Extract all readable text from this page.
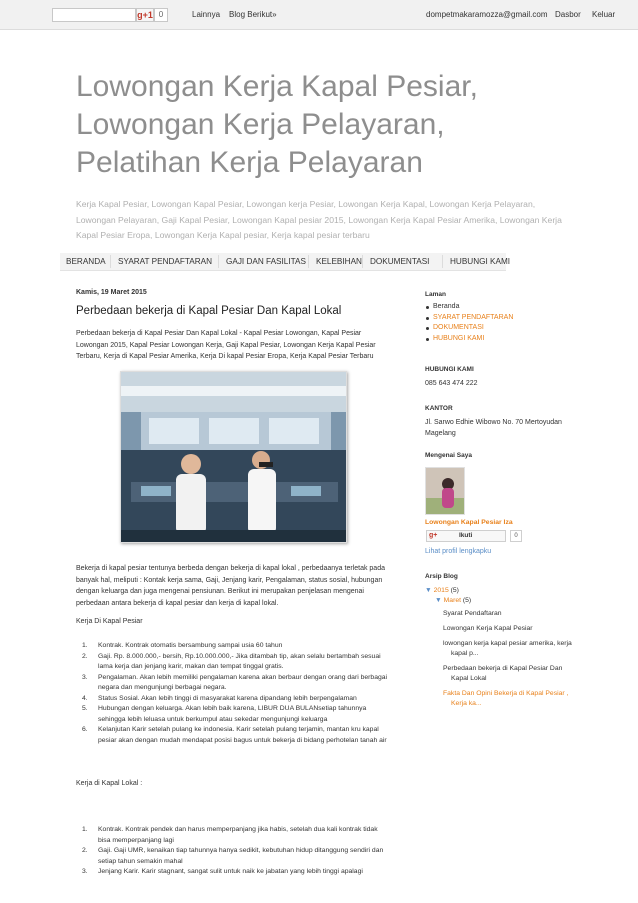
g+1 0	Lainnya Blog Berikut»	dompetmakaramozza@gmail.com Dasbor Keluar
Lowongan Kerja Kapal Pesiar, Lowongan Kerja Pelayaran, Pelatihan Kerja Pelayaran
Kerja Kapal Pesiar, Lowongan Kapal Pesiar, Lowongan kerja Pesiar, Lowongan Kerja Kapal, Lowongan Kerja Pelayaran, Lowongan Pelayaran, Gaji Kapal Pesiar, Lowongan Kapal pesiar 2015, Lowongan Kerja Kapal Pesiar Amerika, Lowongan Kerja Kapal Pesiar Eropa, Lowongan Kerja Kapal pesiar, Kerja kapal pesiar terbaru
BERANDA SYARAT PENDAFTARAN GAJI DAN FASILITAS KELEBIHAN DOKUMENTASI	HUBUNGI KAMI
Kamis, 19 Maret 2015
Perbedaan bekerja di Kapal Pesiar Dan Kapal Lokal
Perbedaan bekerja di Kapal Pesiar Dan Kapal Lokal - Kapal Pesiar Lowongan, Kapal Pesiar Lowongan 2015, Kapal Pesiar Lowongan Kerja, Gaji Kapal Pesiar, Lowongan Kerja Kapal Pesiar Terbaru, Kerja di Kapal Pesiar Amerika, Kerja Di kapal Pesiar Eropa, Kerja Kapal Pesiar Terbaru
Bekerja di kapal pesiar tentunya berbeda dengan bekerja di kapal lokal , perbedaanya terletak pada banyak hal, meliputi : Kontak kerja sama, Gaji, Jenjang karir, Pengalaman, status sosial, hubungan dengan keluarga dan juga mengenai pensiunan. Berikut ini merupakan penjelasan mengenai perbedaan antara bekerja di kapal pesiar dan kerja di kapal lokal.
Kerja Di Kapal Pesiar
1. Kontrak. Kontrak otomatis bersambung sampai usia 60 tahun
2. Gaji. Rp. 8.000.000,- bersih, Rp.10.000.000,- Jika ditambah tip, akan selalu bertambah sesuai lama kerja dan jenjang karir, makan dan tempat tinggal gratis.
3. Pengalaman. Akan lebih memiliki pengalaman karena akan berbaur dengan orang dari berbagai negara dan mengunjungi berbagai negara.
4. Status Sosial. Akan lebih tinggi di masyarakat karena dipandang lebih berpengalaman
5. Hubungan dengan keluarga. Akan lebih baik karena, LIBUR DUA BULANsetiap tahunnya sehingga lebih leluasa untuk berkumpul atau sekedar mengunjungi keluarga
6. Kelanjutan Karir setelah pulang ke indonesia. Karir setelah pulang terjamin, mantan kru kapal pesiar akan dengan mudah mendapat posisi bagus untuk bekerja di bidang perhotelan tanah air
Kerja di Kapal Lokal :
1. Kontrak. Kontrak pendek dan harus memperpanjang jika habis, setelah dua kali kontrak tidak bisa memperpanjang lagi
2. Gaji. Gaji UMR, kenaikan tiap tahunnya hanya sedikit, kebutuhan hidup ditanggung sendiri dan setiap tahun semakin mahal
3. Jenjang Karir. Karir stagnant, sangat sulit untuk naik ke jabatan yang lebih tinggi apalagi
Laman
Beranda
SYARAT PENDAFTARAN
DOKUMENTASI
HUBUNGI KAMI
HUBUNGI KAMI
085 643 474 222
KANTOR
Jl. Sarwo Edhie Wibowo No. 70 Mertoyudan Magelang
Mengenai Saya
Lowongan Kapal Pesiar Iza
g+	Ikuti	0
Lihat profil lengkapku
Arsip Blog
▼ 2015 (5)
▼ Maret (5)
Syarat Pendaftaran
Lowongan Kerja Kapal Pesiar
lowongan kerja kapal pesiar amerika, kerja kapal p...
Perbedaan bekerja di Kapal Pesiar Dan Kapal Lokal
Fakta Dan Opini Bekerja di Kapal Pesiar , Kerja ka...
